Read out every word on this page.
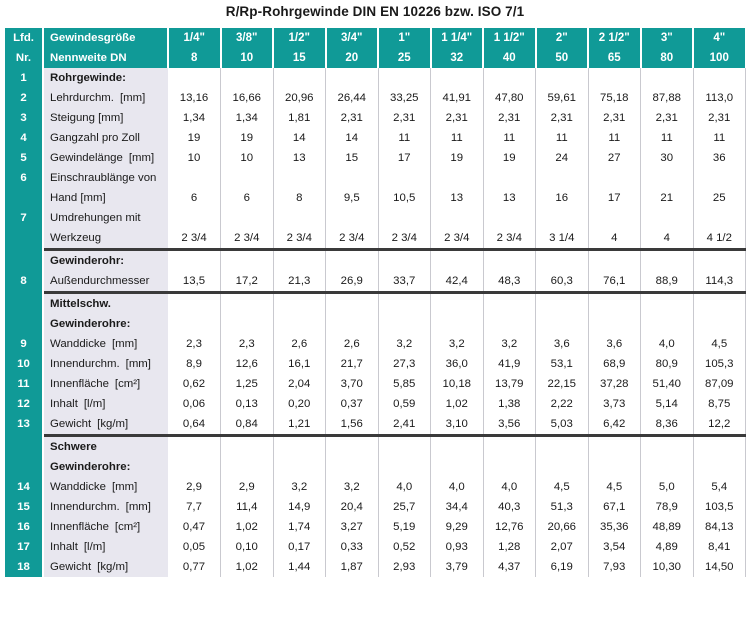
R/Rp-Rohrgewinde DIN EN 10226 bzw. ISO 7/1
Lfd.	Gewindesgröße	1/4"	3/8"	1/2"	3/4"	1"	1 1/4"	1 1/2"	2"	2 1/2"	3"	4"
Nr.	Nennweite DN	8	10	15	20	25	32	40	50	65	80	100
1	Rohrgewinde:											
2	Lehrdurchm. [mm]	13,16	16,66	20,96	26,44	33,25	41,91	47,80	59,61	75,18	87,88	113,0
3	Steigung [mm]	1,34	1,34	1,81	2,31	2,31	2,31	2,31	2,31	2,31	2,31	2,31
4	Gangzahl pro Zoll	19	19	14	14	11	11	11	11	11	11	11
5	Gewindelänge [mm]	10	10	13	15	17	19	19	24	27	30	36
6	Einschraublänge von											
	Hand [mm]	6	6	8	9,5	10,5	13	13	16	17	21	25
7	Umdrehungen mit											
	Werkzeug	2 3/4	2 3/4	2 3/4	2 3/4	2 3/4	2 3/4	2 3/4	3 1/4	4	4	4 1/2

	Gewinderohr:											
8	Außendurchmesser	13,5	17,2	21,3	26,9	33,7	42,4	48,3	60,3	76,1	88,9	114,3

	Mittelschw.											
	Gewinderohre:											
9	Wanddicke [mm]	2,3	2,3	2,6	2,6	3,2	3,2	3,2	3,6	3,6	4,0	4,5
10	Innendurchm. [mm]	8,9	12,6	16,1	21,7	27,3	36,0	41,9	53,1	68,9	80,9	105,3
11	Innenfläche [cm²]	0,62	1,25	2,04	3,70	5,85	10,18	13,79	22,15	37,28	51,40	87,09
12	Inhalt [l/m]	0,06	0,13	0,20	0,37	0,59	1,02	1,38	2,22	3,73	5,14	8,75
13	Gewicht [kg/m]	0,64	0,84	1,21	1,56	2,41	3,10	3,56	5,03	6,42	8,36	12,2

	Schwere											
	Gewinderohre:											
14	Wanddicke [mm]	2,9	2,9	3,2	3,2	4,0	4,0	4,0	4,5	4,5	5,0	5,4
15	Innendurchm. [mm]	7,7	11,4	14,9	20,4	25,7	34,4	40,3	51,3	67,1	78,9	103,5
16	Innenfläche [cm²]	0,47	1,02	1,74	3,27	5,19	9,29	12,76	20,66	35,36	48,89	84,13
17	Inhalt [l/m]	0,05	0,10	0,17	0,33	0,52	0,93	1,28	2,07	3,54	4,89	8,41
18	Gewicht [kg/m]	0,77	1,02	1,44	1,87	2,93	3,79	4,37	6,19	7,93	10,30	14,50
